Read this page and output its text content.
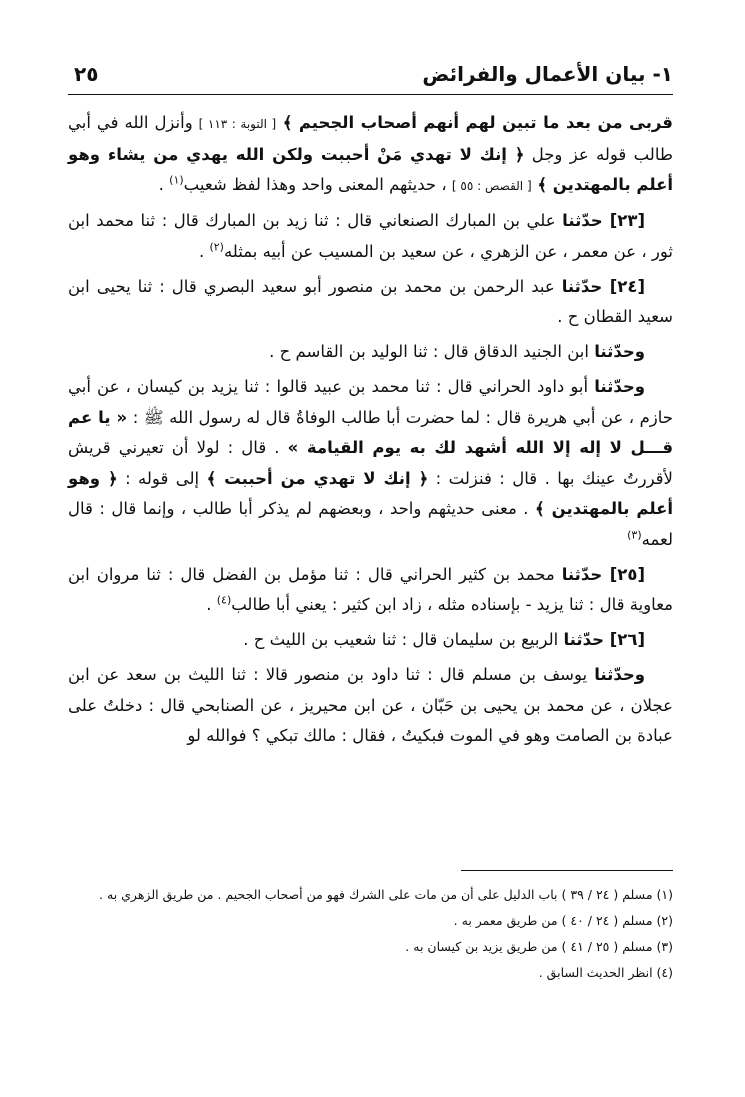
١- بيان الأعمال والفرائض
٢٥

قربى من بعد ما تبين لهم أنهم أصحاب الجحيم ﴾ [ التوبة : ١١٣ ] وأنزل الله في أبي طالب قوله عز وجل ﴿ إنك لا تهدي مَنْ أحببت ولكن الله يهدي من يشاء وهو أعلم بالمهتدين ﴾ [ القصص : ٥٥ ] ، حديثهم المعنى واحد وهذا لفظ شعيب$^{(١)}$ .

[٢٣] حدّثنا علي بن المبارك الصنعاني قال : ثنا زيد بن المبارك قال : ثنا محمد ابن ثور ، عن معمر ، عن الزهري ، عن سعيد بن المسيب عن أبيه بمثله$^{(٢)}$ .

[٢٤] حدّثنا عبد الرحمن بن محمد بن منصور أبو سعيد البصري قال : ثنا يحيى ابن سعيد القطان ح .

وحدّثنا ابن الجنيد الدقاق قال : ثنا الوليد بن القاسم ح .

وحدّثنا أبو داود الحراني قال : ثنا محمد بن عبيد قالوا : ثنا يزيد بن كيسان ، عن أبي حازم ، عن أبي هريرة قال : لما حضرت أبا طالب الوفاةُ قال له رسول الله ﷺ : « يا عم قـــل لا إله إلا الله أشهد لك به يوم القيامة » . قال : لولا أن تعيرني قريش لأقررتُ عينك بها . قال : فنزلت : ﴿ إنك لا تهدي من أحببت ﴾ إلى قوله : ﴿ وهو أعلم بالمهتدين ﴾ . معنى حديثهم واحد ، وبعضهم لم يذكر أبا طالب ، وإنما قال : قال لعمه$^{(٣)}$

[٢٥] حدّثنا محمد بن كثير الحراني قال : ثنا مؤمل بن الفضل قال : ثنا مروان ابن معاوية قال : ثنا يزيد - بإسناده مثله ، زاد ابن كثير : يعني أبا طالب$^{(٤)}$ .

[٢٦] حدّثنا الربيع بن سليمان قال : ثنا شعيب بن الليث ح .

وحدّثنا يوسف بن مسلم قال : ثنا داود بن منصور قالا : ثنا الليث بن سعد عن ابن عجلان ، عن محمد بن يحيى بن حَبّان ، عن ابن محيريز ، عن الصنابحي قال : دخلتُ على عبادة بن الصامت وهو في الموت فبكيتُ ، فقال : مالك تبكي ؟ فوالله لو

(١) مسلم ( ٢٤ / ٣٩ ) باب الدليل على أن من مات على الشرك فهو من أصحاب الجحيم . من طريق الزهري به .

(٢) مسلم ( ٢٤ / ٤٠ ) من طريق معمر به .

(٣) مسلم ( ٢٥ / ٤١ ) من طريق يزيد بن كيسان به .

(٤) انظر الحديث السابق .
